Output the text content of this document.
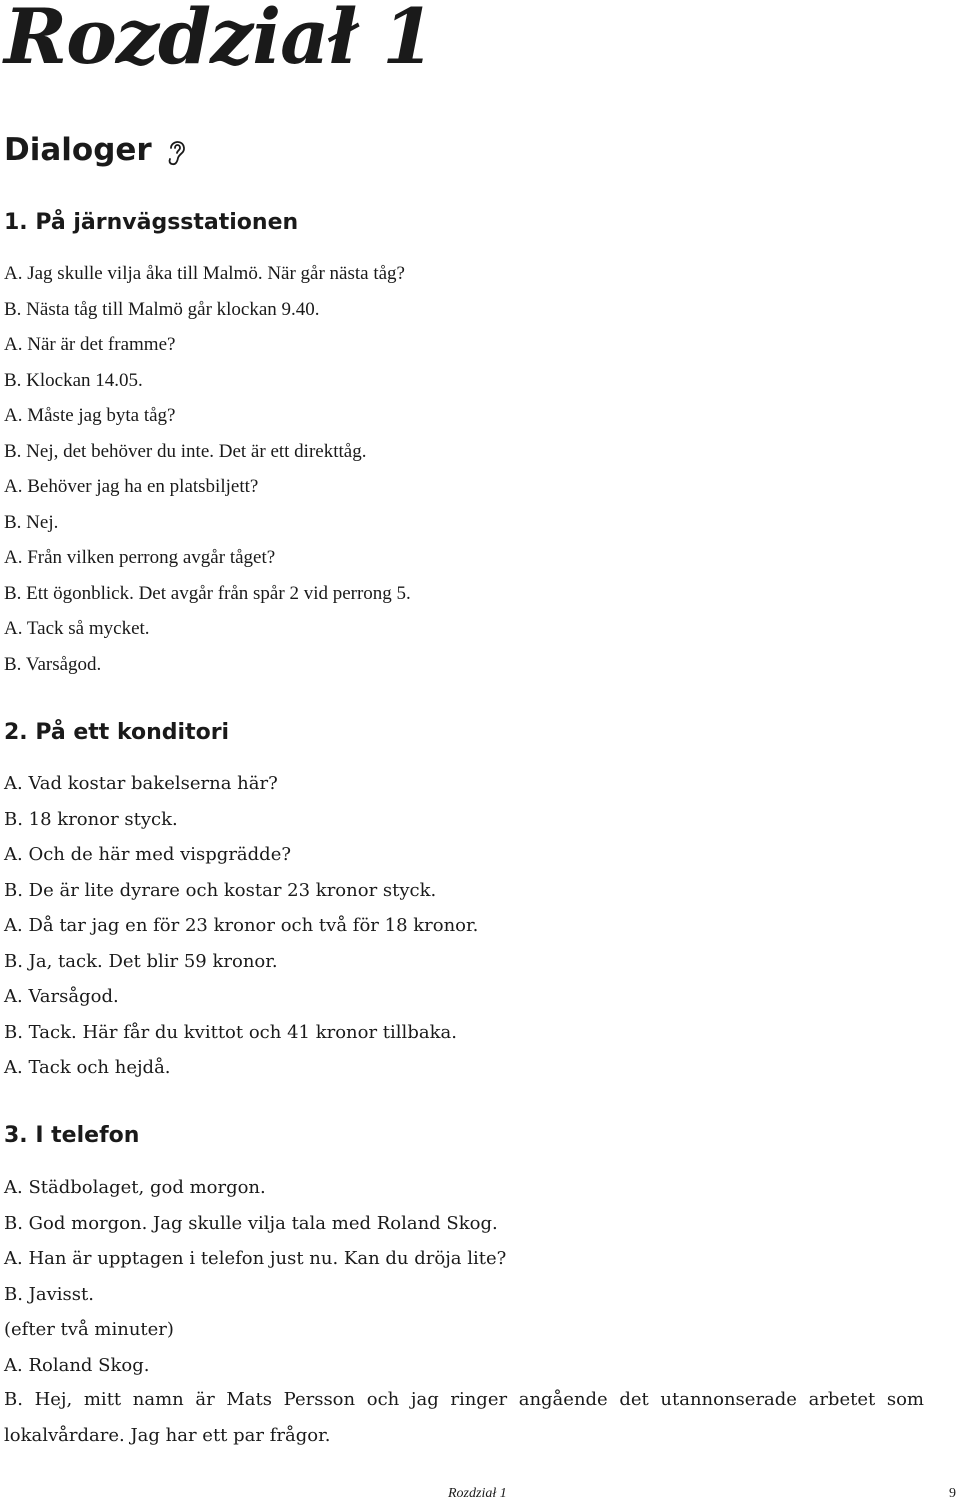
Rozdział 1
Dialoger
1. På järnvägsstationen
A. Jag skulle vilja åka till Malmö. När går nästa tåg?
B. Nästa tåg till Malmö går klockan 9.40.
A. När är det framme?
B. Klockan 14.05.
A. Måste jag byta tåg?
B. Nej, det behöver du inte. Det är ett direkttåg.
A. Behöver jag ha en platsbiljett?
B. Nej.
A. Från vilken perrong avgår tåget?
B. Ett ögonblick. Det avgår från spår 2 vid perrong 5.
A. Tack så mycket.
B. Varsågod.
2. På ett konditori
A. Vad kostar bakelserna här?
B. 18 kronor styck.
A. Och de här med vispgrädde?
B. De är lite dyrare och kostar 23 kronor styck.
A. Då tar jag en för 23 kronor och två för 18 kronor.
B. Ja, tack. Det blir 59 kronor.
A. Varsågod.
B. Tack. Här får du kvittot och 41 kronor tillbaka.
A. Tack och hejdå.
3. I telefon
A. Städbolaget, god morgon.
B. God morgon. Jag skulle vilja tala med Roland Skog.
A. Han är upptagen i telefon just nu. Kan du dröja lite?
B. Javisst.
(efter två minuter)
A. Roland Skog.

B. Hej, mitt namn är Mats Persson och jag ringer angående det utannonserade arbetet som lokalvårdare. Jag har ett par frågor.

Rozdział 1	9
